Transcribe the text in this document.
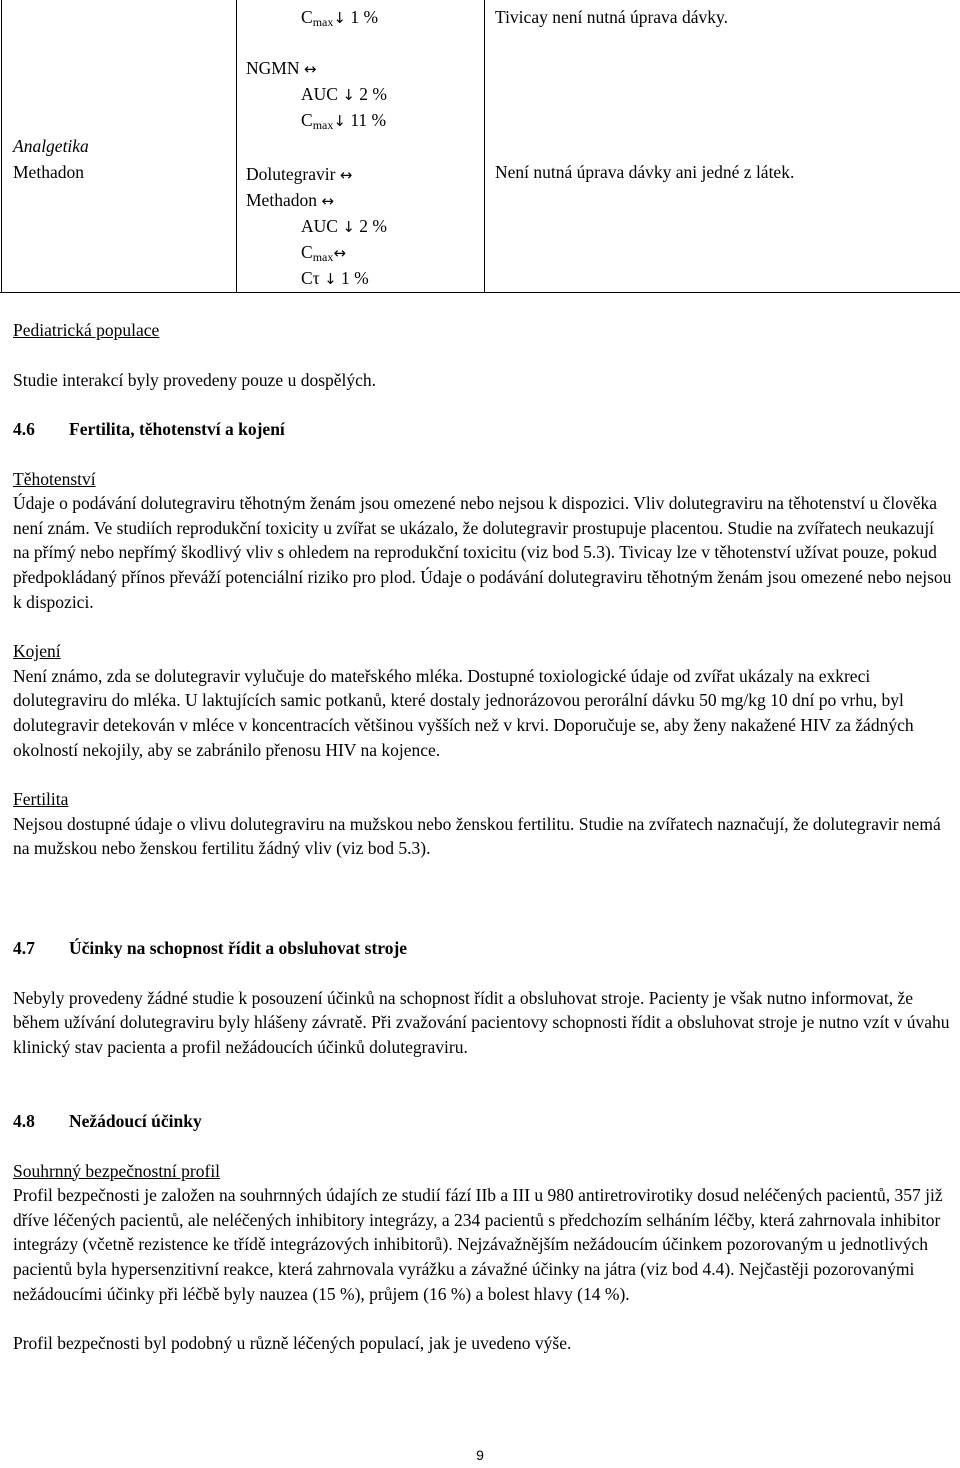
$C_{max}↓$ 1 %	Tivicay není nutná úprava dávky.
NGMN ↔
AUC ↓ 2 %
$C_{max}↓$ 11 %
Analgetika
Methadon	Dolutegravir ↔
Methadon ↔
AUC ↓ 2 %
$C_{max}\leftrightarrow$
Cτ ↓ 1 %
Není nutná úprava dávky ani jedné z látek.

Pediatrická populace

Studie interakcí byly provedeny pouze u dospělých.

4.6 Fertilita, těhotenství a kojení

Těhotenství

Údaje o podávání dolutegraviru těhotným ženám jsou omezené nebo nejsou k dispozici. Vliv dolutegraviru na těhotenství u člověka není znám. Ve studiích reprodukční toxicity u zvířat se ukázalo, že dolutegravir prostupuje placentou. Studie na zvířatech neukazují na přímý nebo nepřímý škodlivý vliv s ohledem na reprodukční toxicitu (viz bod 5.3). Tivicay lze v těhotenství užívat pouze, pokud předpokládaný přínos převáží potenciální riziko pro plod. Údaje o podávání dolutegraviru těhotným ženám jsou omezené nebo nejsou k dispozici.

Kojení

Není známo, zda se dolutegravir vylučuje do mateřského mléka. Dostupné toxiologické údaje od zvířat ukázaly na exkreci dolutegraviru do mléka. U laktujících samic potkanů, které dostaly jednorázovou perorální dávku 50 mg/kg 10 dní po vrhu, byl dolutegravir detekován v mléce v koncentracích většinou vyšších než v krvi. Doporučuje se, aby ženy nakažené HIV za žádných okolností nekojily, aby se zabránilo přenosu HIV na kojence.

Fertilita

Nejsou dostupné údaje o vlivu dolutegraviru na mužskou nebo ženskou fertilitu. Studie na zvířatech naznačují, že dolutegravir nemá na mužskou nebo ženskou fertilitu žádný vliv (viz bod 5.3).

4.7 Účinky na schopnost řídit a obsluhovat stroje

Nebyly provedeny žádné studie k posouzení účinků na schopnost řídit a obsluhovat stroje. Pacienty je však nutno informovat, že během užívání dolutegraviru byly hlášeny závratě. Při zvažování pacientovy schopnosti řídit a obsluhovat stroje je nutno vzít v úvahu klinický stav pacienta a profil nežádoucích účinků dolutegraviru.

4.8 Nežádoucí účinky

Souhrnný bezpečnostní profil

Profil bezpečnosti je založen na souhrnných údajích ze studií fází IIb a III u 980 antiretrovirotiky dosud neléčených pacientů, 357 již dříve léčených pacientů, ale neléčených inhibitory integrázy, a 234 pacientů s předchozím selháním léčby, která zahrnovala inhibitor integrázy (včetně rezistence ke třídě integrázových inhibitorů). Nejzávažnějším nežádoucím účinkem pozorovaným u jednotlivých pacientů byla hypersenzitivní reakce, která zahrnovala vyrážku a závažné účinky na játra (viz bod 4.4). Nejčastěji pozorovanými nežádoucími účinky při léčbě byly nauzea (15 %), průjem (16 %) a bolest hlavy (14 %).

Profil bezpečnosti byl podobný u různě léčených populací, jak je uvedeno výše.

9
